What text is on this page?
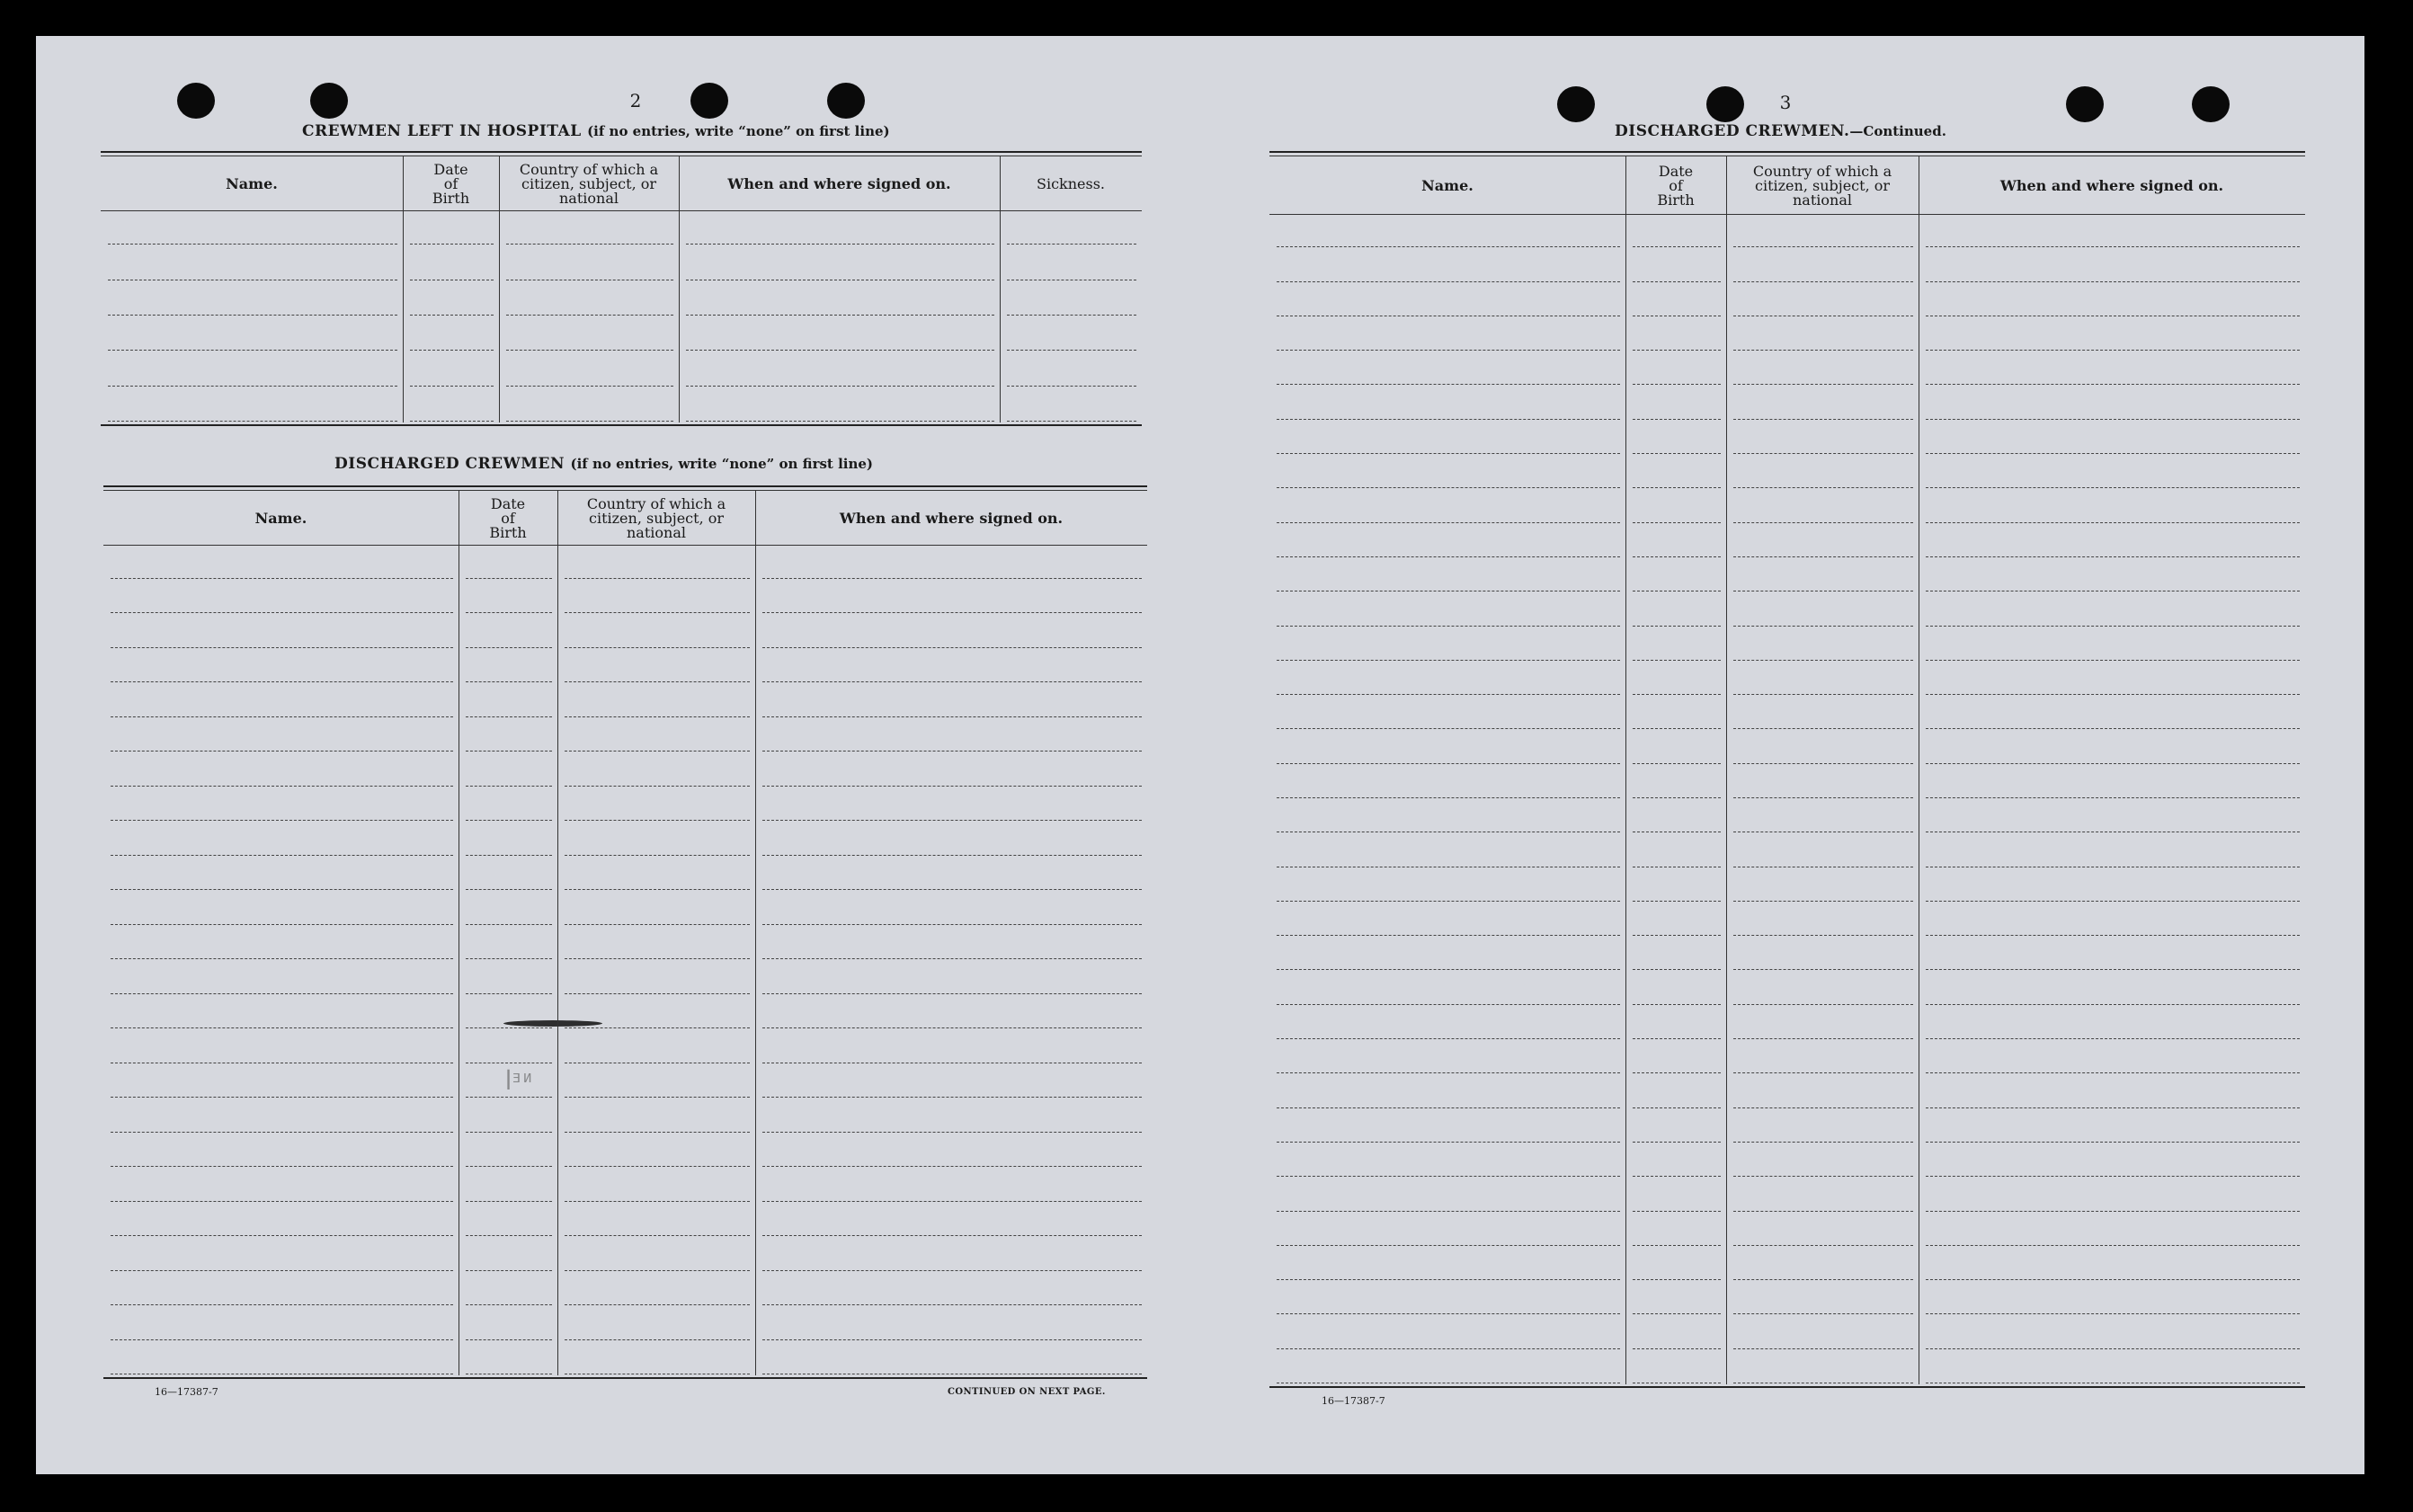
2
CREWMEN LEFT IN HOSPITAL (if no entries, write “none” on first line)
DISCHARGED CREWMEN (if no entries, write “none” on first line)
16—17387-7	CONTINUED ON NEXT PAGE.
ꟾᴲᴻ
3
DISCHARGED CREWMEN.—Continued.
16—17387-7
Name.
Date
of
Birth
Country of which a
citizen, subject, or
national
When and where signed on.	Sickness.
Name.
Date
of
Birth
Country of which a
citizen, subject, or
national
When and where signed on.
Name.
Date
of
Birth
Country of which a
citizen, subject, or
national
When and where signed on.
